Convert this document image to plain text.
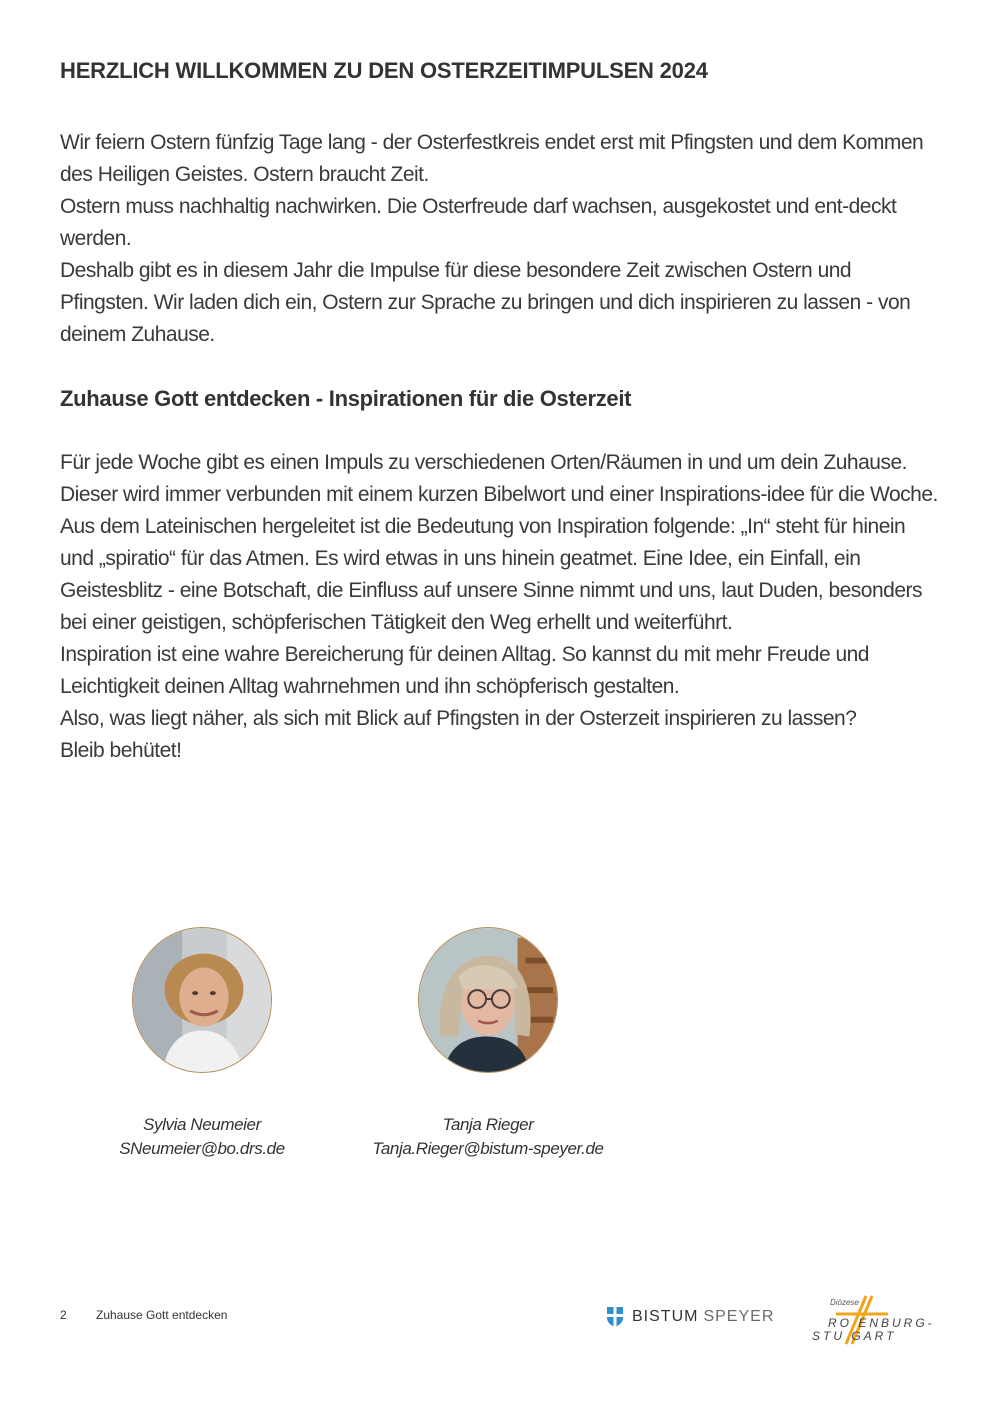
HERZLICH WILLKOMMEN ZU DEN OSTERZEITIMPULSEN 2024

Wir feiern Ostern fünfzig Tage lang - der Osterfestkreis endet erst mit Pfingsten und dem Kommen des Heiligen Geistes. Ostern braucht Zeit.

Ostern muss nachhaltig nachwirken. Die Osterfreude darf wachsen, ausgekostet und ent-deckt werden.

Deshalb gibt es in diesem Jahr die Impulse für diese besondere Zeit zwischen Ostern und Pfingsten. Wir laden dich ein, Ostern zur Sprache zu bringen und dich inspirieren zu lassen - von deinem Zuhause.

Zuhause Gott entdecken - Inspirationen für die Osterzeit

Für jede Woche gibt es einen Impuls zu verschiedenen Orten/Räumen in und um dein Zuhause. Dieser wird immer verbunden mit einem kurzen Bibelwort und einer Inspirations-idee für die Woche.

Aus dem Lateinischen hergeleitet ist die Bedeutung von Inspiration folgende: „In“ steht für hinein und „spiratio“ für das Atmen. Es wird etwas in uns hinein geatmet. Eine Idee, ein Einfall, ein Geistesblitz - eine Botschaft, die Einfluss auf unsere Sinne nimmt und uns, laut Duden, besonders bei einer geistigen, schöpferischen Tätigkeit den Weg erhellt und weiterführt.

Inspiration ist eine wahre Bereicherung für deinen Alltag. So kannst du mit mehr Freude und Leichtigkeit deinen Alltag wahrnehmen und ihn schöpferisch gestalten.

Also, was liegt näher, als sich mit Blick auf Pfingsten in der Osterzeit inspirieren zu lassen?

Bleib behütet!

Sylvia Neumeier
SNeumeier@bo.drs.de
Tanja Rieger
Tanja.Rieger@bistum-speyer.de
2 Zuhause Gott entdecken	BISTUM SPEYER
Diözese
RO ENBURG-
STU GART
